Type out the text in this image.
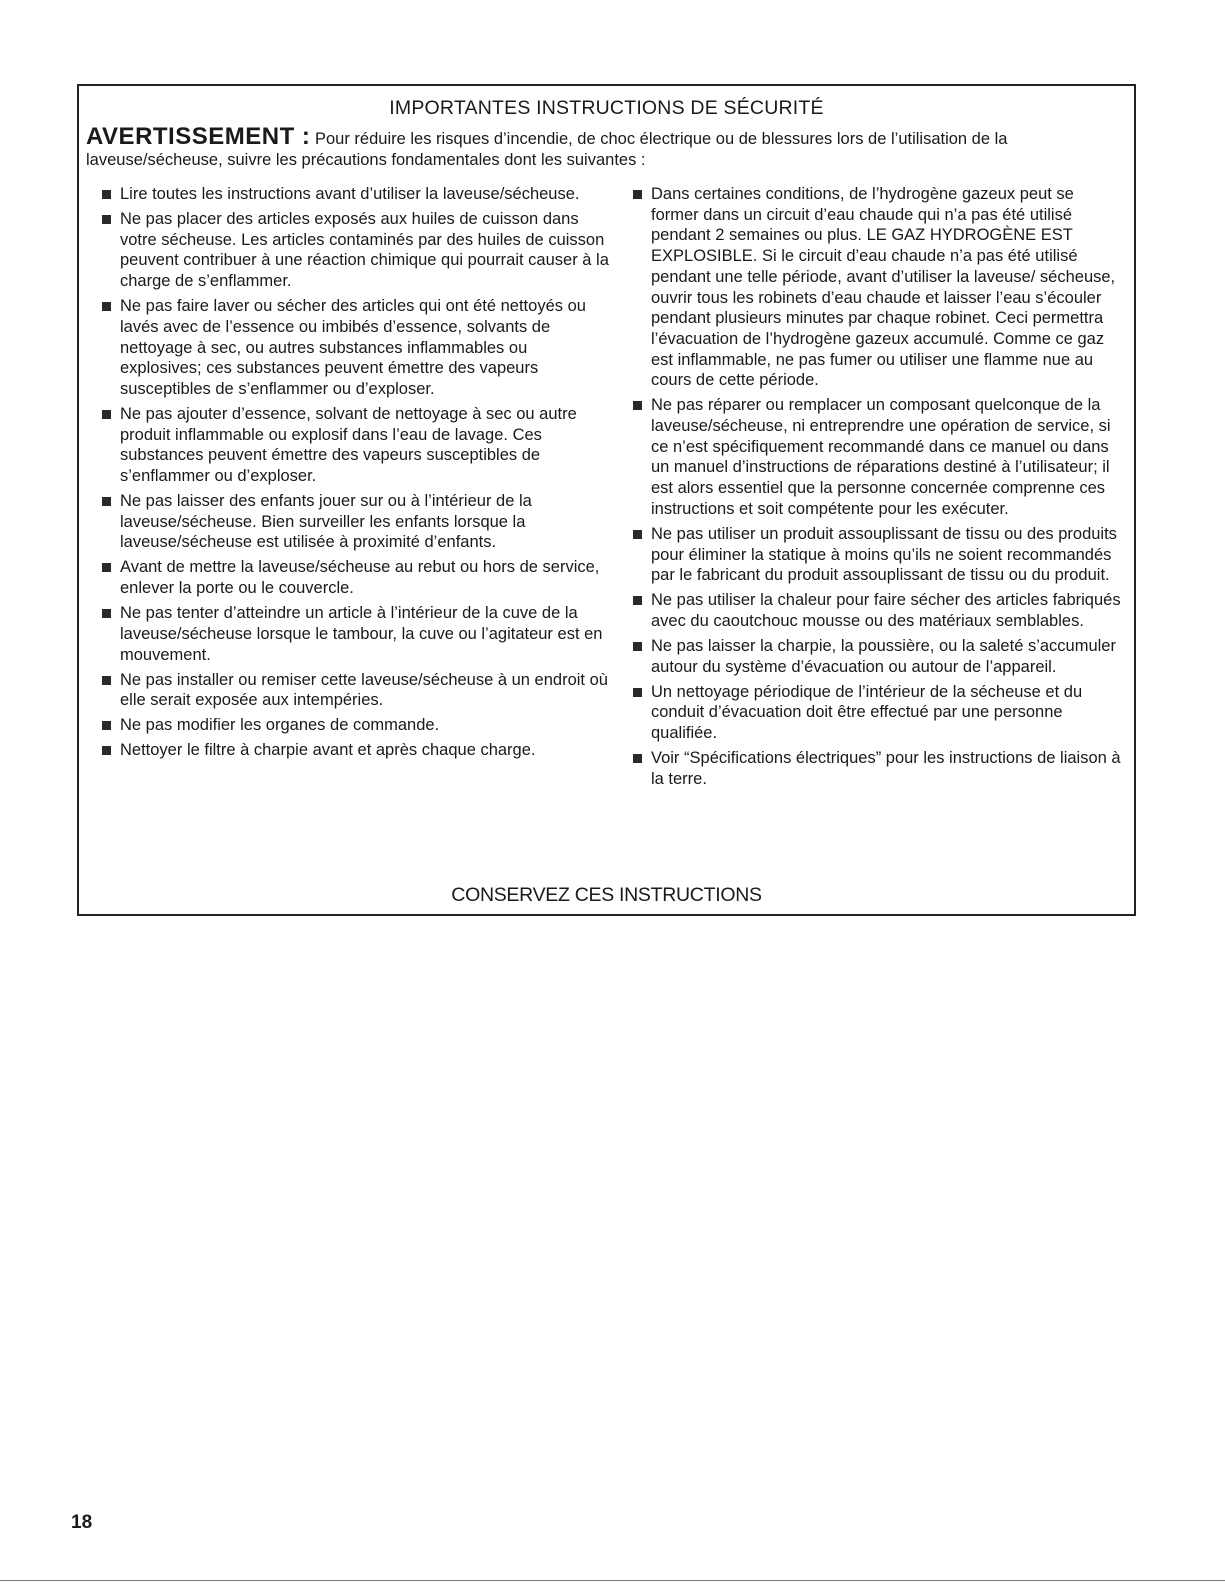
IMPORTANTES INSTRUCTIONS DE SÉCURITÉ
AVERTISSEMENT : Pour réduire les risques d’incendie, de choc électrique ou de blessures lors de l’utilisation de la laveuse/sécheuse, suivre les précautions fondamentales dont les suivantes :
Lire toutes les instructions avant d’utiliser la laveuse/sécheuse.
Ne pas placer des articles exposés aux huiles de cuisson dans votre sécheuse. Les articles contaminés par des huiles de cuisson peuvent contribuer à une réaction chimique qui pourrait causer à la charge de s’enflammer.
Ne pas faire laver ou sécher des articles qui ont été nettoyés ou lavés avec de l’essence ou imbibés d’essence, solvants de nettoyage à sec, ou autres substances inflammables ou explosives; ces substances peuvent émettre des vapeurs susceptibles de s’enflammer ou d’exploser.
Ne pas ajouter d’essence, solvant de nettoyage à sec ou autre produit inflammable ou explosif dans l’eau de lavage. Ces substances peuvent émettre des vapeurs susceptibles de s’enflammer ou d’exploser.
Ne pas laisser des enfants jouer sur ou à l’intérieur de la laveuse/sécheuse. Bien surveiller les enfants lorsque la laveuse/sécheuse est utilisée à proximité d’enfants.
Avant de mettre la laveuse/sécheuse au rebut ou hors de service, enlever la porte ou le couvercle.
Ne pas tenter d’atteindre un article à l’intérieur de la cuve de la laveuse/sécheuse lorsque le tambour, la cuve ou l’agitateur est en mouvement.
Ne pas installer ou remiser cette laveuse/sécheuse à un endroit où elle serait exposée aux intempéries.
Ne pas modifier les organes de commande.
Nettoyer le filtre à charpie avant et après chaque charge.
Dans certaines conditions, de l’hydrogène gazeux peut se former dans un circuit d’eau chaude qui n’a pas été utilisé pendant 2 semaines ou plus. LE GAZ HYDROGÈNE EST EXPLOSIBLE. Si le circuit d’eau chaude n’a pas été utilisé pendant une telle période, avant d’utiliser la laveuse/ sécheuse, ouvrir tous les robinets d’eau chaude et laisser l’eau s’écouler pendant plusieurs minutes par chaque robinet. Ceci permettra l’évacuation de l’hydrogène gazeux accumulé. Comme ce gaz est inflammable, ne pas fumer ou utiliser une flamme nue au cours de cette période.
Ne pas réparer ou remplacer un composant quelconque de la laveuse/sécheuse, ni entreprendre une opération de service, si ce n’est spécifiquement recommandé dans ce manuel ou dans un manuel d’instructions de réparations destiné à l’utilisateur; il est alors essentiel que la personne concernée comprenne ces instructions et soit compétente pour les exécuter.
Ne pas utiliser un produit assouplissant de tissu ou des produits pour éliminer la statique à moins qu’ils ne soient recommandés par le fabricant du produit assouplissant de tissu ou du produit.
Ne pas utiliser la chaleur pour faire sécher des articles fabriqués avec du caoutchouc mousse ou des matériaux semblables.
Ne pas laisser la charpie, la poussière, ou la saleté s’accumuler autour du système d’évacuation ou autour de l’appareil.
Un nettoyage périodique de l’intérieur de la sécheuse et du conduit d’évacuation doit être effectué par une personne qualifiée.
Voir “Spécifications électriques” pour les instructions de liaison à la terre.
CONSERVEZ CES INSTRUCTIONS
18
